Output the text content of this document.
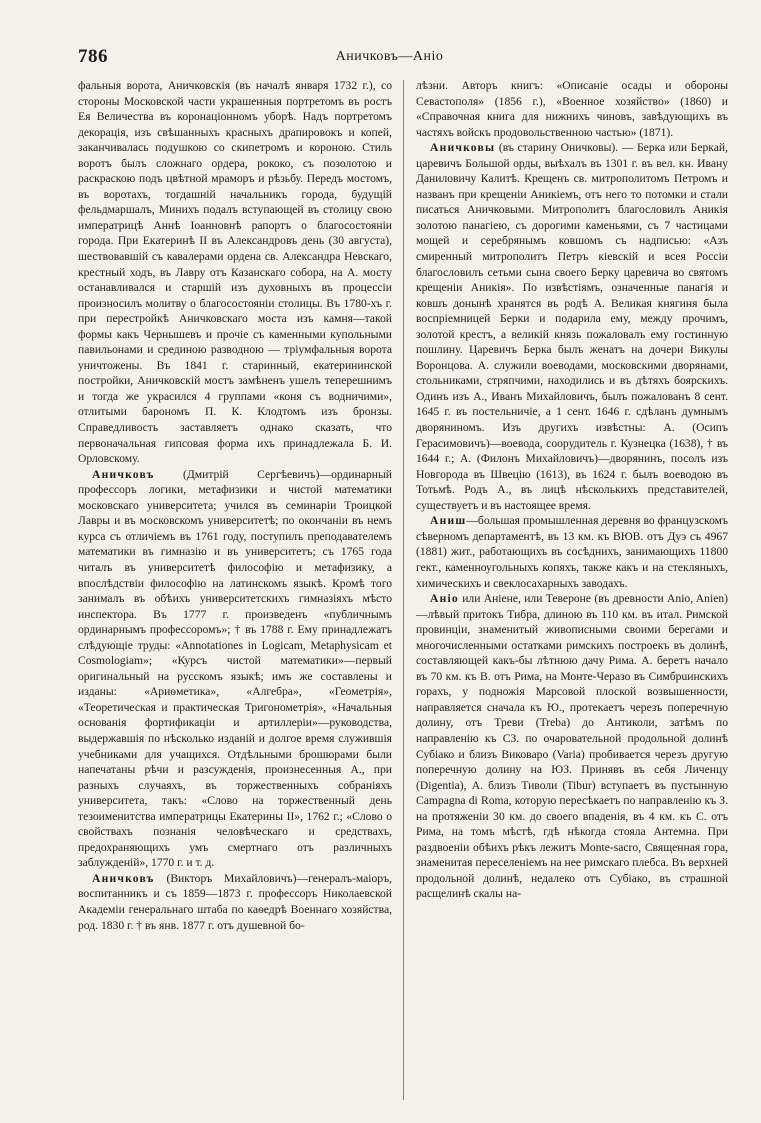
786	Аничковъ—Аніо

фальныя ворота, Аничковскія (въ началѣ января 1732 г.), со стороны Московской части украшенныя портретомъ въ ростъ Ея Величества въ коронаціонномъ уборѣ. Надъ портретомъ декорація, изъ свѣшанныхъ красныхъ драпировокъ и копей, заканчивалась подушкою со скипетромъ и короною. Стиль воротъ былъ сложнаго ордера, рококо, съ позолотою и раскраскою подъ цвѣтной мраморъ и рѣзьбу. Передъ мостомъ, въ воротахъ, тогдашній начальникъ города, будущій фельдмаршалъ, Минихъ подалъ вступающей въ столицу свою императрицѣ Аннѣ Іоанновнѣ рапортъ о благосостояніи города. При Екатеринѣ II въ Александровъ день (30 августа), шествовавшій съ кавалерами ордена св. Александра Невскаго, крестный ходъ, въ Лавру отъ Казанскаго собора, на А. мосту останавливался и старшій изъ духовныхъ въ процессіи произносилъ молитву о благосостояніи столицы. Въ 1780-хъ г. при перестройкѣ Аничковскаго моста изъ камня—такой формы какъ Чернышевъ и прочіе съ каменными купольными павильонами и срединою разводною — тріумфальныя ворота уничтожены. Въ 1841 г. старинный, екатерининской постройки, Аничковскій мостъ замѣненъ ушелъ теперешнимъ и тогда же украсился 4 группами «коня съ водничими», отлитыми барономъ П. К. Клодтомъ изъ бронзы. Справедливость заставляетъ однако сказать, что первоначальная гипсовая форма ихъ принадлежала Б. И. Орловскому.

Аничковъ (Дмитрій Сергѣевичъ)—ординарный профессоръ логики, метафизики и чистой математики московскаго университета; учился въ семинаріи Троицкой Лавры и въ московскомъ университетѣ; по окончаніи въ немъ курса съ отличіемъ въ 1761 году, поступилъ преподавателемъ математики въ гимназію и въ университетъ; съ 1765 года читалъ въ университетѣ философію и метафизику, а впослѣдствіи философію на латинскомъ языкѣ. Кромѣ того занималъ въ обѣихъ университетскихъ гимназіяхъ мѣсто инспектора. Въ 1777 г. произведенъ «публичнымъ ординарнымъ профессоромъ»; † въ 1788 г. Ему принадлежатъ слѣдующіе труды: «Annotationes in Logicam, Metaphysicam et Cosmologiam»; «Курсъ чистой математики»—первый оригинальный на русскомъ языкѣ; имъ же составлены и изданы: «Ариѳметика», «Алгебра», «Геометрія», «Теоретическая и практическая Тригонометрія», «Начальныя основанія фортификаціи и артиллеріи»—руководства, выдержавшія по нѣсколько изданій и долгое время служившія учебниками для учащихся. Отдѣльными брошюрами были напечатаны рѣчи и разсужденія, произнесенныя А., при разныхъ случаяхъ, въ торжественныхъ собраніяхъ университета, такъ: «Слово на торжественный день тезоименитства императрицы Екатерины II», 1762 г.; «Слово о свойствахъ познанія человѣческаго и средствахъ, предохраняющихъ умъ смертнаго отъ различныхъ заблужденій», 1770 г. и т. д.

Аничковъ (Викторъ Михайловичъ)—генералъ-маіоръ, воспитанникъ и съ 1859—1873 г. профессоръ Николаевской Академіи генеральнаго штаба по каѳедрѣ Военнаго хозяйства, род. 1830 г. † въ янв. 1877 г. отъ душевной бо-

лѣзни. Авторъ книгъ: «Описаніе осады и обороны Севастополя» (1856 г.), «Военное хозяйство» (1860) и «Справочная книга для нижнихъ чиновъ, завѣдующихъ въ частяхъ войскъ продовольственною частью» (1871).

Аничковы (въ старину Оничковы). — Берка или Беркай, царевичъ Большой орды, выѣхалъ въ 1301 г. въ вел. кн. Ивану Даниловичу Калитѣ. Крещенъ св. митрополитомъ Петромъ и названъ при крещеніи Аникіемъ, отъ него то потомки и стали писаться Аничковыми. Митрополитъ благословилъ Аникія золотою панагіею, съ дорогими каменьями, съ 7 частицами мощей и серебрянымъ ковшомъ съ надписью: «Азъ смиренный митрополитъ Петръ кіевскій и всея Россіи благословилъ сетьми сына своего Берку царевича во святомъ крещеніи Аникія». По извѣстіямъ, означенные панагія и ковшъ донынѣ хранятся въ родѣ А. Великая княгиня была воспріемницей Берки и подарила ему, между прочимъ, золотой крестъ, а великій князь пожаловалъ ему гостинную пошлину. Царевичъ Берка былъ женатъ на дочери Викулы Воронцова. А. служили воеводами, московскими дворянами, стольниками, стряпчими, находились и въ дѣтяхъ боярскихъ. Одинъ изъ А., Иванъ Михайловичъ, былъ пожалованъ 8 сент. 1645 г. въ постельничіе, а 1 сент. 1646 г. сдѣланъ думнымъ дворяниномъ. Изъ другихъ извѣстны: А. (Осипъ Герасимовичъ)—воевода, соорудитель г. Кузнецка (1638), † въ 1644 г.; А. (Филонъ Михайловичъ)—дворянинъ, посолъ изъ Новгорода въ Швецію (1613), въ 1624 г. былъ воеводою въ Тотьмѣ. Родъ А., въ лицѣ нѣсколькихъ представителей, существуетъ и въ настоящее время.

Аниш—большая промышленная деревня во французскомъ сѣверномъ департаментѣ, въ 13 км. къ ВЮВ. отъ Дуэ съ 4967 (1881) жит., работающихъ въ сосѣднихъ, занимающихъ 11800 гект., каменноугольныхъ копяхъ, также какъ и на стекляныхъ, химическихъ и свеклосахарныхъ заводахъ.

Аніо или Аніене, или Теверонe (въ древности Anio, Anien)—лѣвый притокъ Тибра, длиною въ 110 км. въ итал. Римской провинціи, знаменитый живописными своими берегами и многочисленными остатками римскихъ построекъ въ долинѣ, составляющей какъ-бы лѣтнюю дачу Рима. А. беретъ начало въ 70 км. къ В. отъ Рима, на Монте-Черазо въ Симбрuинскихъ горахъ, у подножія Марсовой плоской возвышенности, направляется сначала къ Ю., протекаетъ черезъ поперечную долину, отъ Треви (Treba) до Антиколи, затѣмъ по направленію къ СЗ. по очаровательной продольной долинѣ Субіако и близъ Виковаро (Varia) пробивается черезъ другую поперечную долину на ЮЗ. Принявъ въ себя Личенцу (Digentia), А. близъ Тиволи (Tibur) вступаетъ въ пустынную Campagna di Roma, которую пересѣкаетъ по направленію къ З. на протяженіи 30 км. до своего впаденія, въ 4 км. къ С. отъ Рима, на томъ мѣстѣ, гдѣ нѣкогда стояла Антемна. При раздвоеніи обѣихъ рѣкъ лежитъ Monte-sacro, Священная гора, знаменитая переселеніемъ на нее римскаго плебса. Въ верхней продольной долинѣ, недалеко отъ Субіако, въ страшной расщелинѣ скалы на-
